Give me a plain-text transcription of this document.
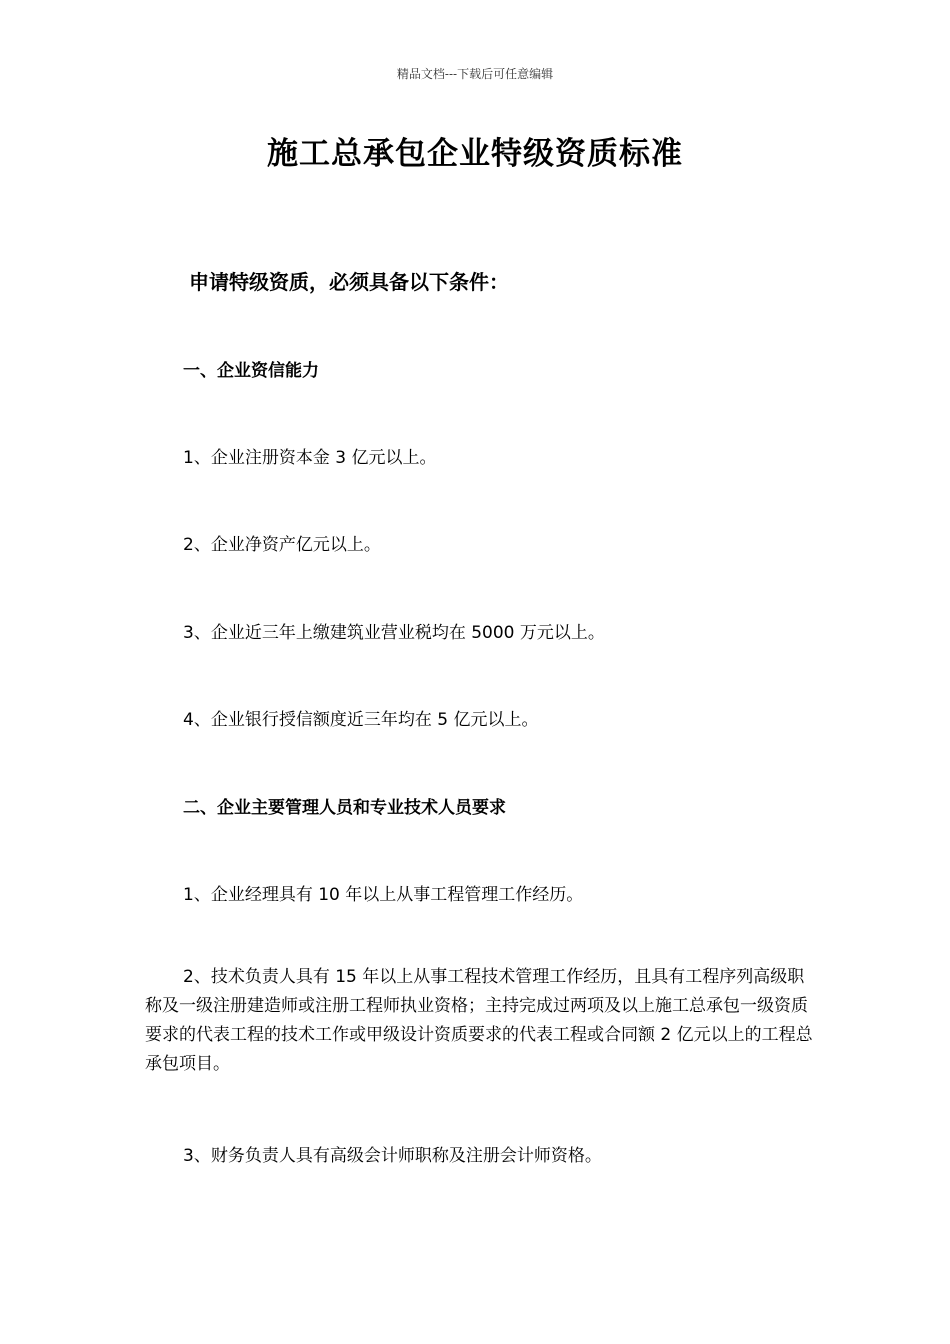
精品文档---下载后可任意编辑
施工总承包企业特级资质标准

申请特级资质，必须具备以下条件：

一、企业资信能力

1、企业注册资本金 3 亿元以上。

2、企业净资产亿元以上。

3、企业近三年上缴建筑业营业税均在 5000 万元以上。

4、企业银行授信额度近三年均在 5 亿元以上。

二、企业主要管理人员和专业技术人员要求

1、企业经理具有 10 年以上从事工程管理工作经历。

2、技术负责人具有 15 年以上从事工程技术管理工作经历，且具有工程序列高级职称及一级注册建造师或注册工程师执业资格；主持完成过两项及以上施工总承包一级资质要求的代表工程的技术工作或甲级设计资质要求的代表工程或合同额 2 亿元以上的工程总承包项目。

3、财务负责人具有高级会计师职称及注册会计师资格。
